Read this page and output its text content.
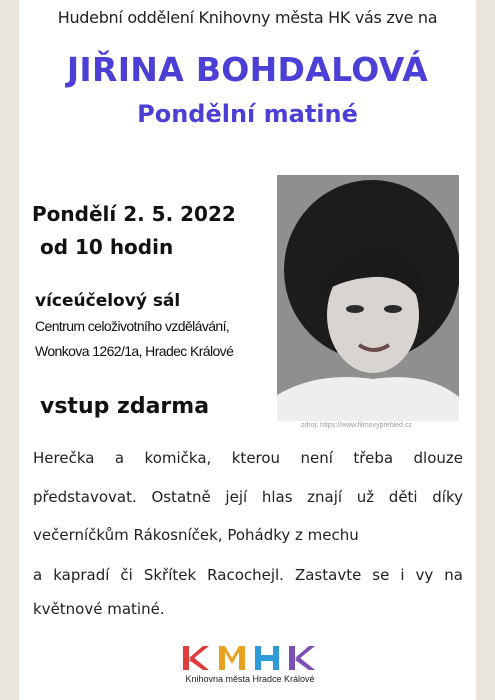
Hudební oddělení Knihovny města HK vás zve na

JIŘINA BOHDALOVÁ

Pondělní matiné

Pondělí 2. 5. 2022

od 10 hodin

víceúčelový sál

Centrum celoživotního vzdělávání,

Wonkova 1262/1a, Hradec Králové

vstup zdarma

zdroj: https://www.filmovyprehled.cz

Herečka a komička, kterou není třeba dlouze

představovat. Ostatně její hlas znají už děti díky

večerníčkům Rákosníček, Pohádky z mechu

a kapradí či Skřítek Racochejl. Zastavte se i vy na

květnové matiné.

Knihovna města Hradce Králové
